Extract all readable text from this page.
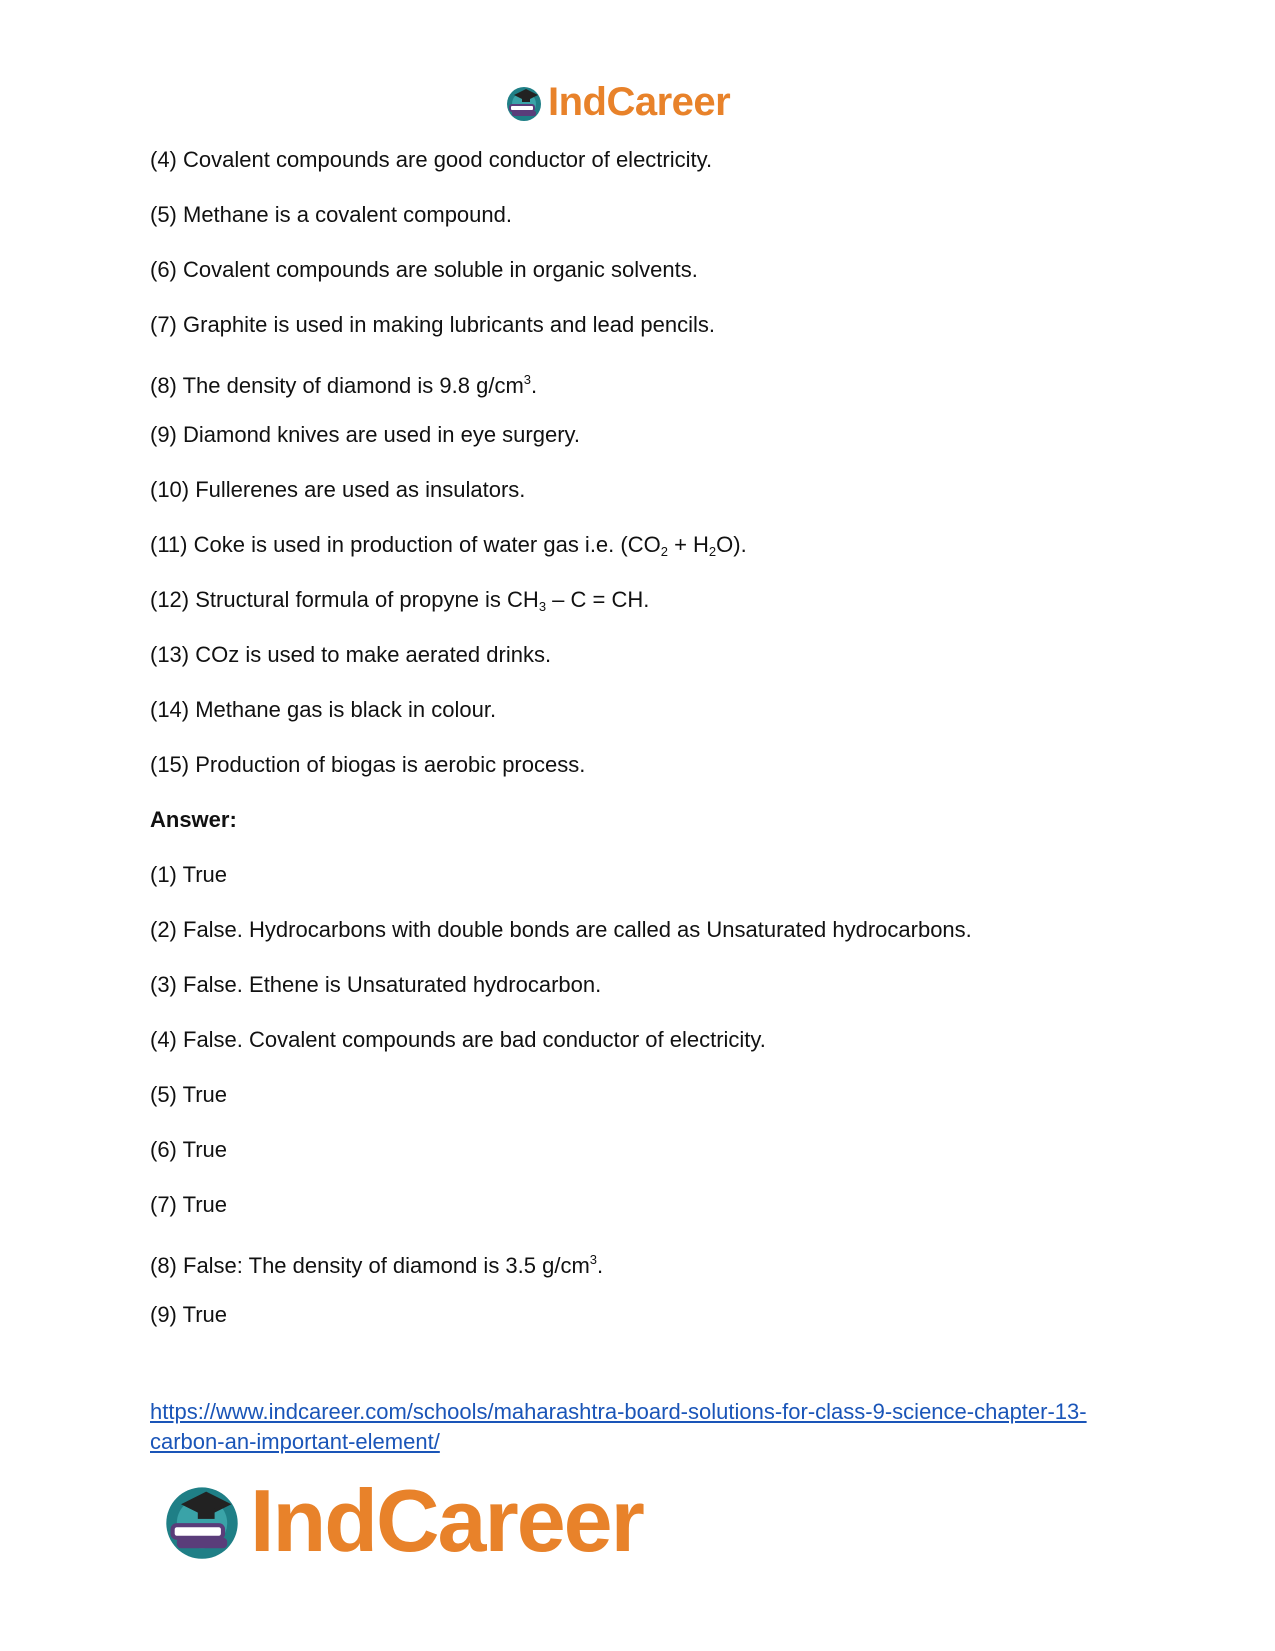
IndCareer

(4) Covalent compounds are good conductor of electricity.

(5) Methane is a covalent compound.

(6) Covalent compounds are soluble in organic solvents.

(7) Graphite is used in making lubricants and lead pencils.

(8) The density of diamond is 9.8 $g/cm^3$.

(9) Diamond knives are used in eye surgery.

(10) Fullerenes are used as insulators.

(11) Coke is used in production of water gas i.e. $(CO_2 + H_2O)$.

(12) Structural formula of propyne is $CH_3$ – C = CH.

(13) COz is used to make aerated drinks.

(14) Methane gas is black in colour.

(15) Production of biogas is aerobic process.

Answer:

(1) True

(2) False. Hydrocarbons with double bonds are called as Unsaturated hydrocarbons.

(3) False. Ethene is Unsaturated hydrocarbon.

(4) False. Covalent compounds are bad conductor of electricity.

(5) True

(6) True

(7) True

(8) False: The density of diamond is 3.5 $g/cm^3$.

(9) True

https://www.indcareer.com/schools/maharashtra-board-solutions-for-class-9-science-chapter-13-
carbon-an-important-element/
IndCareer
